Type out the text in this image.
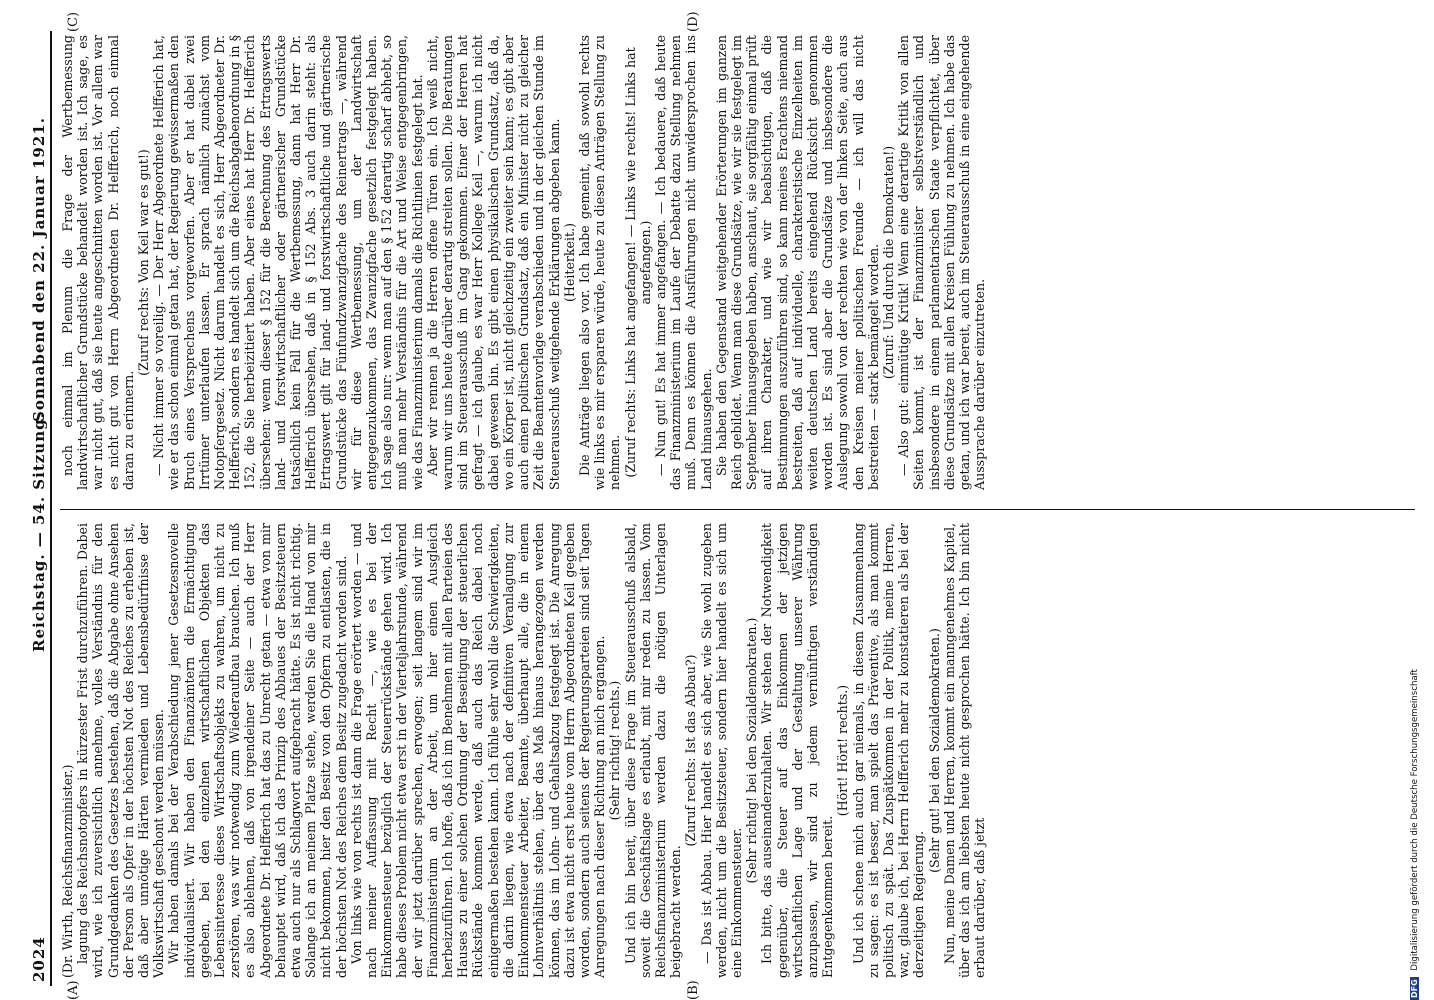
2024
Reichstag. — 54. Sitzung.
Sonnabend den 22. Januar 1921.
(A)	(B)
(C)	(D)

(Dr. Wirth, Reichsfinanzminister.) lagung des Reichsnotopfers in kürzester Frist durchzuführen. Dabei wird, wie ich zuversichtlich annehme, volles Verständnis für den Grundgedanken des Gesetzes bestehen, daß die Abgabe ohne Ansehen der Person als Opfer in der höchsten Not des Reiches zu erheben ist, daß aber unnötige Härten vermieden und Lebensbedürfnisse der Volkswirtschaft geschont werden müssen. Wir haben damals bei der Verabschiedung jener Gesetzesnovelle individualisiert. Wir haben den Finanzämtern die Ermächtigung gegeben, bei den einzelnen wirtschaftlichen Objekten das Lebensinteresse dieses Wirtschaftsobjekts zu wahren, um nicht zu zerstören, was wir notwendig zum Wiederaufbau brauchen. Ich muß es also ablehnen, daß von irgendeiner Seite — auch der Herr Abgeordnete Dr. Helfferich hat das zu Unrecht getan — etwa von mir behauptet wird, daß ich das Prinzip des Abbaues der Besitzsteuern etwa auch nur als Schlagwort aufgebracht hätte. Es ist nicht richtig. Solange ich an meinem Platze stehe, werden Sie die Hand von mir nicht bekommen, hier den Besitz von den Opfern zu entlasten, die in der höchsten Not des Reiches dem Besitz zugedacht worden sind. Von links wie von rechts ist dann die Frage erörtert worden — und nach meiner Auffassung mit Recht —, wie es bei der Einkommensteuer bezüglich der Steuerrückstände gehen wird. Ich habe dieses Problem nicht etwa erst in der Vierteljahrstunde, während der wir jetzt darüber sprechen, erwogen; seit langem sind wir im Finanzministerium an der Arbeit, um hier einen Ausgleich herbeizuführen. Ich hoffe, daß ich im Benehmen mit allen Parteien des Hauses zu einer solchen Ordnung der Beseitigung der steuerlichen Rückstände kommen werde, daß auch das Reich dabei noch einigermaßen bestehen kann. Ich fühle sehr wohl die Schwierigkeiten, die darin liegen, wie etwa nach der definitiven Veranlagung zur Einkommensteuer Arbeiter, Beamte, überhaupt alle, die in einem Lohnverhältnis stehen, über das Maß hinaus herangezogen werden können, das im Lohn- und Gehaltsabzug festgelegt ist. Die Anregung dazu ist etwa nicht erst heute vom Herrn Abgeordneten Keil gegeben worden, sondern auch seitens der Regierungsparteien sind seit Tagen Anregungen nach dieser Richtung an mich ergangen. (Sehr richtig! rechts.) Und ich bin bereit, über diese Frage im Steuerausschuß alsbald, soweit die Geschäftslage es erlaubt, mit mir reden zu lassen. Vom Reichsfinanzministerium werden dazu die nötigen Unterlagen beigebracht werden.

(Zuruf rechts: Ist das Abbau?) — Das ist Abbau. Hier handelt es sich aber, wie Sie wohl zugeben werden, nicht um die Besitzsteuer, sondern hier handelt es sich um eine Einkommensteuer.

(Sehr richtig! bei den Sozialdemokraten.) Ich bitte, das auseinanderzuhalten. Wir stehen der Notwendigkeit gegenüber, die Steuer auf das Einkommen der jetzigen wirtschaftlichen Lage und der Gestaltung unserer Währung anzupassen, wir sind zu jedem vernünftigen verständigen Entgegenkommen bereit.

(Hört! Hört! rechts.) Und ich schene mich auch gar niemals, in diesem Zusammenhang zu sagen: es ist besser, man spielt das Präventive, als man kommt politisch zu spät. Das Zuspätkommen in der Politik, meine Herren, war, glaube ich, bei Herrn Helfferich mehr zu konstatieren als bei der derzeitigen Regierung.

(Sehr gut! bei den Sozialdemokraten.) Nun, meine Damen und Herren, kommt ein manngenehmes Kapitel, über das ich am liebsten heute nicht gesprochen hätte. Ich bin nicht erbaut darüber, daß jetzt

noch einmal im Plenum die Frage der Wertbemessung landwirtschaftlicher Grundstücke behandelt worden ist. Ich sage, es war nicht gut, daß sie heute angeschnitten worden ist. Vor allem war es nicht gut von Herrn Abgeordneten Dr. Helfferich, noch einmal daran zu erinnern.

(Zuruf rechts: Von Keil war es gut!) — Nicht immer so voreilig. — Der Herr Abgeordnete Helfferich hat, wie er das schon einmal getan hat, der Regierung gewissermaßen den Bruch eines Versprechens vorgeworfen. Aber er hat dabei zwei Irrtümer unterlaufen lassen. Er sprach nämlich zunächst vom Notopfergesetz. Nicht darum handelt es sich, Herr Abgeordneter Dr. Helfferich, sondern es handelt sich um die Reichsabgabenordnung in § 152, die Sie herbeizitiert haben. Aber eines hat Herr Dr. Helfferich übersehen: wenn dieser § 152 für die Berechnung des Ertragswerts land- und forstwirtschaftlicher oder gärtnerischer Grundstücke tatsächlich kein Fall für die Wertbemessung, dann hat Herr Dr. Helfferich übersehen, daß in § 152 Abs. 3 auch darin steht: als Ertragswert gilt für land- und forstwirtschaftliche und gärtnerische Grundstücke das Fünfundzwanzigfache des Reinertrags —, während wir für diese Wertbemessung, um der Landwirtschaft entgegenzukommen, das Zwanzigfache gesetzlich festgelegt haben. Ich sage also nur: wenn man auf den § 152 derartig scharf abhebt, so muß man mehr Verständnis für die Art und Weise entgegenbringen, wie das Finanzministerium damals die Richtlinien festgelegt hat. Aber wir rennen ja die Herren offene Türen ein. Ich weiß nicht, warum wir uns heute darüber derartig streiten sollen. Die Beratungen sind im Steuerausschuß im Gang gekommen. Einer der Herren hat gefragt — ich glaube, es war Herr Kollege Keil —, warum ich nicht dabei gewesen bin. Es gibt einen physikalischen Grundsatz, daß da, wo ein Körper ist, nicht gleichzeitig ein zweiter sein kann; es gibt aber auch einen politischen Grundsatz, daß ein Minister nicht zu gleicher Zeit die Beamtenvorlage verabschieden und in der gleichen Stunde im Steuerausschuß weitgehende Erklärungen abgeben kann. (Heiterkeit.) Die Anträge liegen also vor. Ich habe gemeint, daß sowohl rechts wie links es mir ersparen würde, heute zu diesen Anträgen Stellung zu nehmen. (Zuruf rechts: Links hat angefangen! — Links wie rechts! Links hat angefangen.) — Nun gut! Es hat immer angefangen. — Ich bedauere, daß heute das Finanzministerium im Laufe der Debatte dazu Stellung nehmen muß. Denn es können die Ausführungen nicht unwidersprochen ins Land hinausgehen. Sie haben den Gegenstand weitgehender Erörterungen im ganzen Reich gebildet. Wenn man diese Grundsätze, wie wir sie festgelegt im September hinausgegeben haben, anschaut, sie sorgfältig einmal prüft auf ihren Charakter, und wie wir beabsichtigen, daß die Bestimmungen auszuführen sind, so kann meines Erachtens niemand bestreiten, daß auf individuelle, charakteristische Einzelheiten im weiten deutschen Land bereits eingehend Rücksicht genommen worden ist. Es sind aber die Grundsätze und insbesondere die Auslegung sowohl von der rechten wie von der linken Seite, auch aus den Kreisen meiner politischen Freunde — ich will das nicht bestreiten — stark bemängelt worden. (Zuruf: Und durch die Demokraten!) — Also gut: einmütige Kritik! Wenn eine derartige Kritik von allen Seiten kommt, ist der Finanzminister selbstverständlich und insbesondere in einem parlamentarischen Staate verpflichtet, über diese Grundsätze mit allen Kreisen Fühlung zu nehmen. Ich habe das getan, und ich war bereit, auch im Steuerausschuß in eine eingehende Aussprache darüber einzutreten.

DFG Digitalisierung gefördert durch die Deutsche Forschungsgemeinschaft
